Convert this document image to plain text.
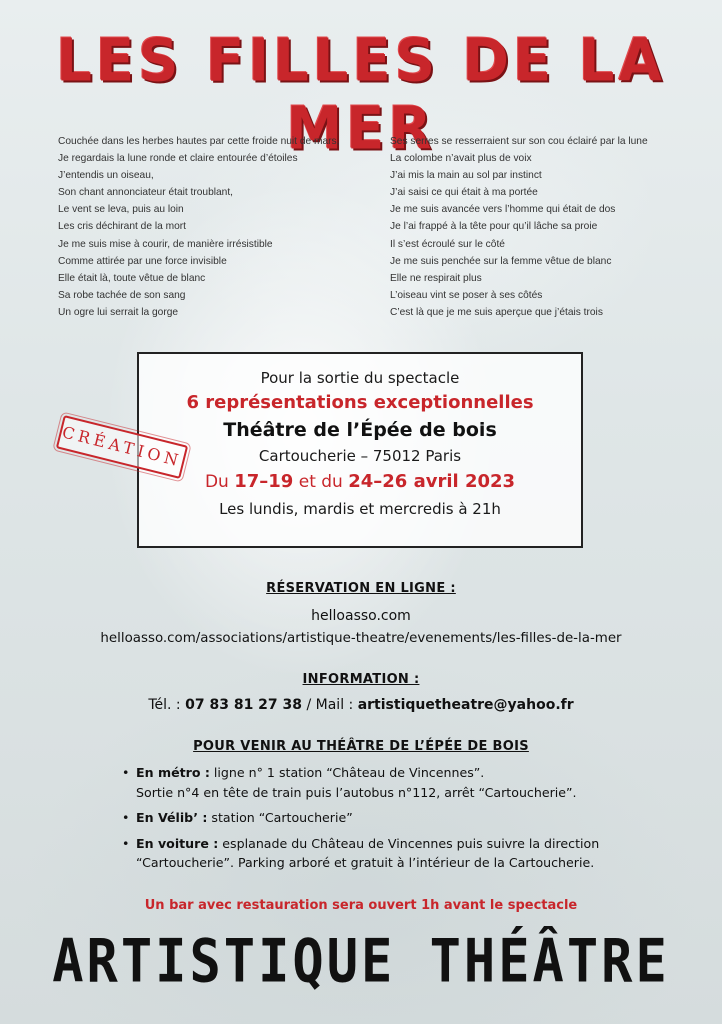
LES FILLES DE LA MER
Couchée dans les herbes hautes par cette froide nuit de mars,
Je regardais la lune ronde et claire entourée d’étoiles
J’entendis un oiseau,
Son chant annonciateur était troublant,
Le vent se leva, puis au loin
Les cris déchirant de la mort
Je me suis mise à courir, de manière irrésistible
Comme attirée par une force invisible
Elle était là, toute vêtue de blanc
Sa robe tachée de son sang
Un ogre lui serrait la gorge
Ses serres se resserraient sur son cou éclairé par la lune
La colombe n’avait plus de voix
J’ai mis la main au sol par instinct
J’ai saisi ce qui était à ma portée
Je me suis avancée vers l’homme qui était de dos
Je l’ai frappé à la tête pour qu’il lâche sa proie
Il s’est écroulé sur le côté
Je me suis penchée sur la femme vêtue de blanc
Elle ne respirait plus
L’oiseau vint se poser à ses côtés
C’est là que je me suis aperçue que j’étais trois
Pour la sortie du spectacle
6 représentations exceptionnelles
Théâtre de l’Épée de bois
Cartoucherie – 75012 Paris
Du 17–19 et du 24–26 avril 2023
Les lundis, mardis et mercredis à 21h
CRÉATION
RÉSERVATION EN LIGNE :
helloasso.com
helloasso.com/associations/artistique-theatre/evenements/les-filles-de-la-mer
INFORMATION :
Tél. : 07 83 81 27 38 / Mail : artistiquetheatre@yahoo.fr
POUR VENIR AU THÉÂTRE DE L’ÉPÉE DE BOIS
• En métro : ligne n° 1 station “Château de Vincennes”.
Sortie n°4 en tête de train puis l’autobus n°112, arrêt “Cartoucherie”.
• En Vélib’ : station “Cartoucherie”
• En voiture : esplanade du Château de Vincennes puis suivre la direction
“Cartoucherie”. Parking arboré et gratuit à l’intérieur de la Cartoucherie.
Un bar avec restauration sera ouvert 1h avant le spectacle
ARTISTIQUE THÉÂTRE
